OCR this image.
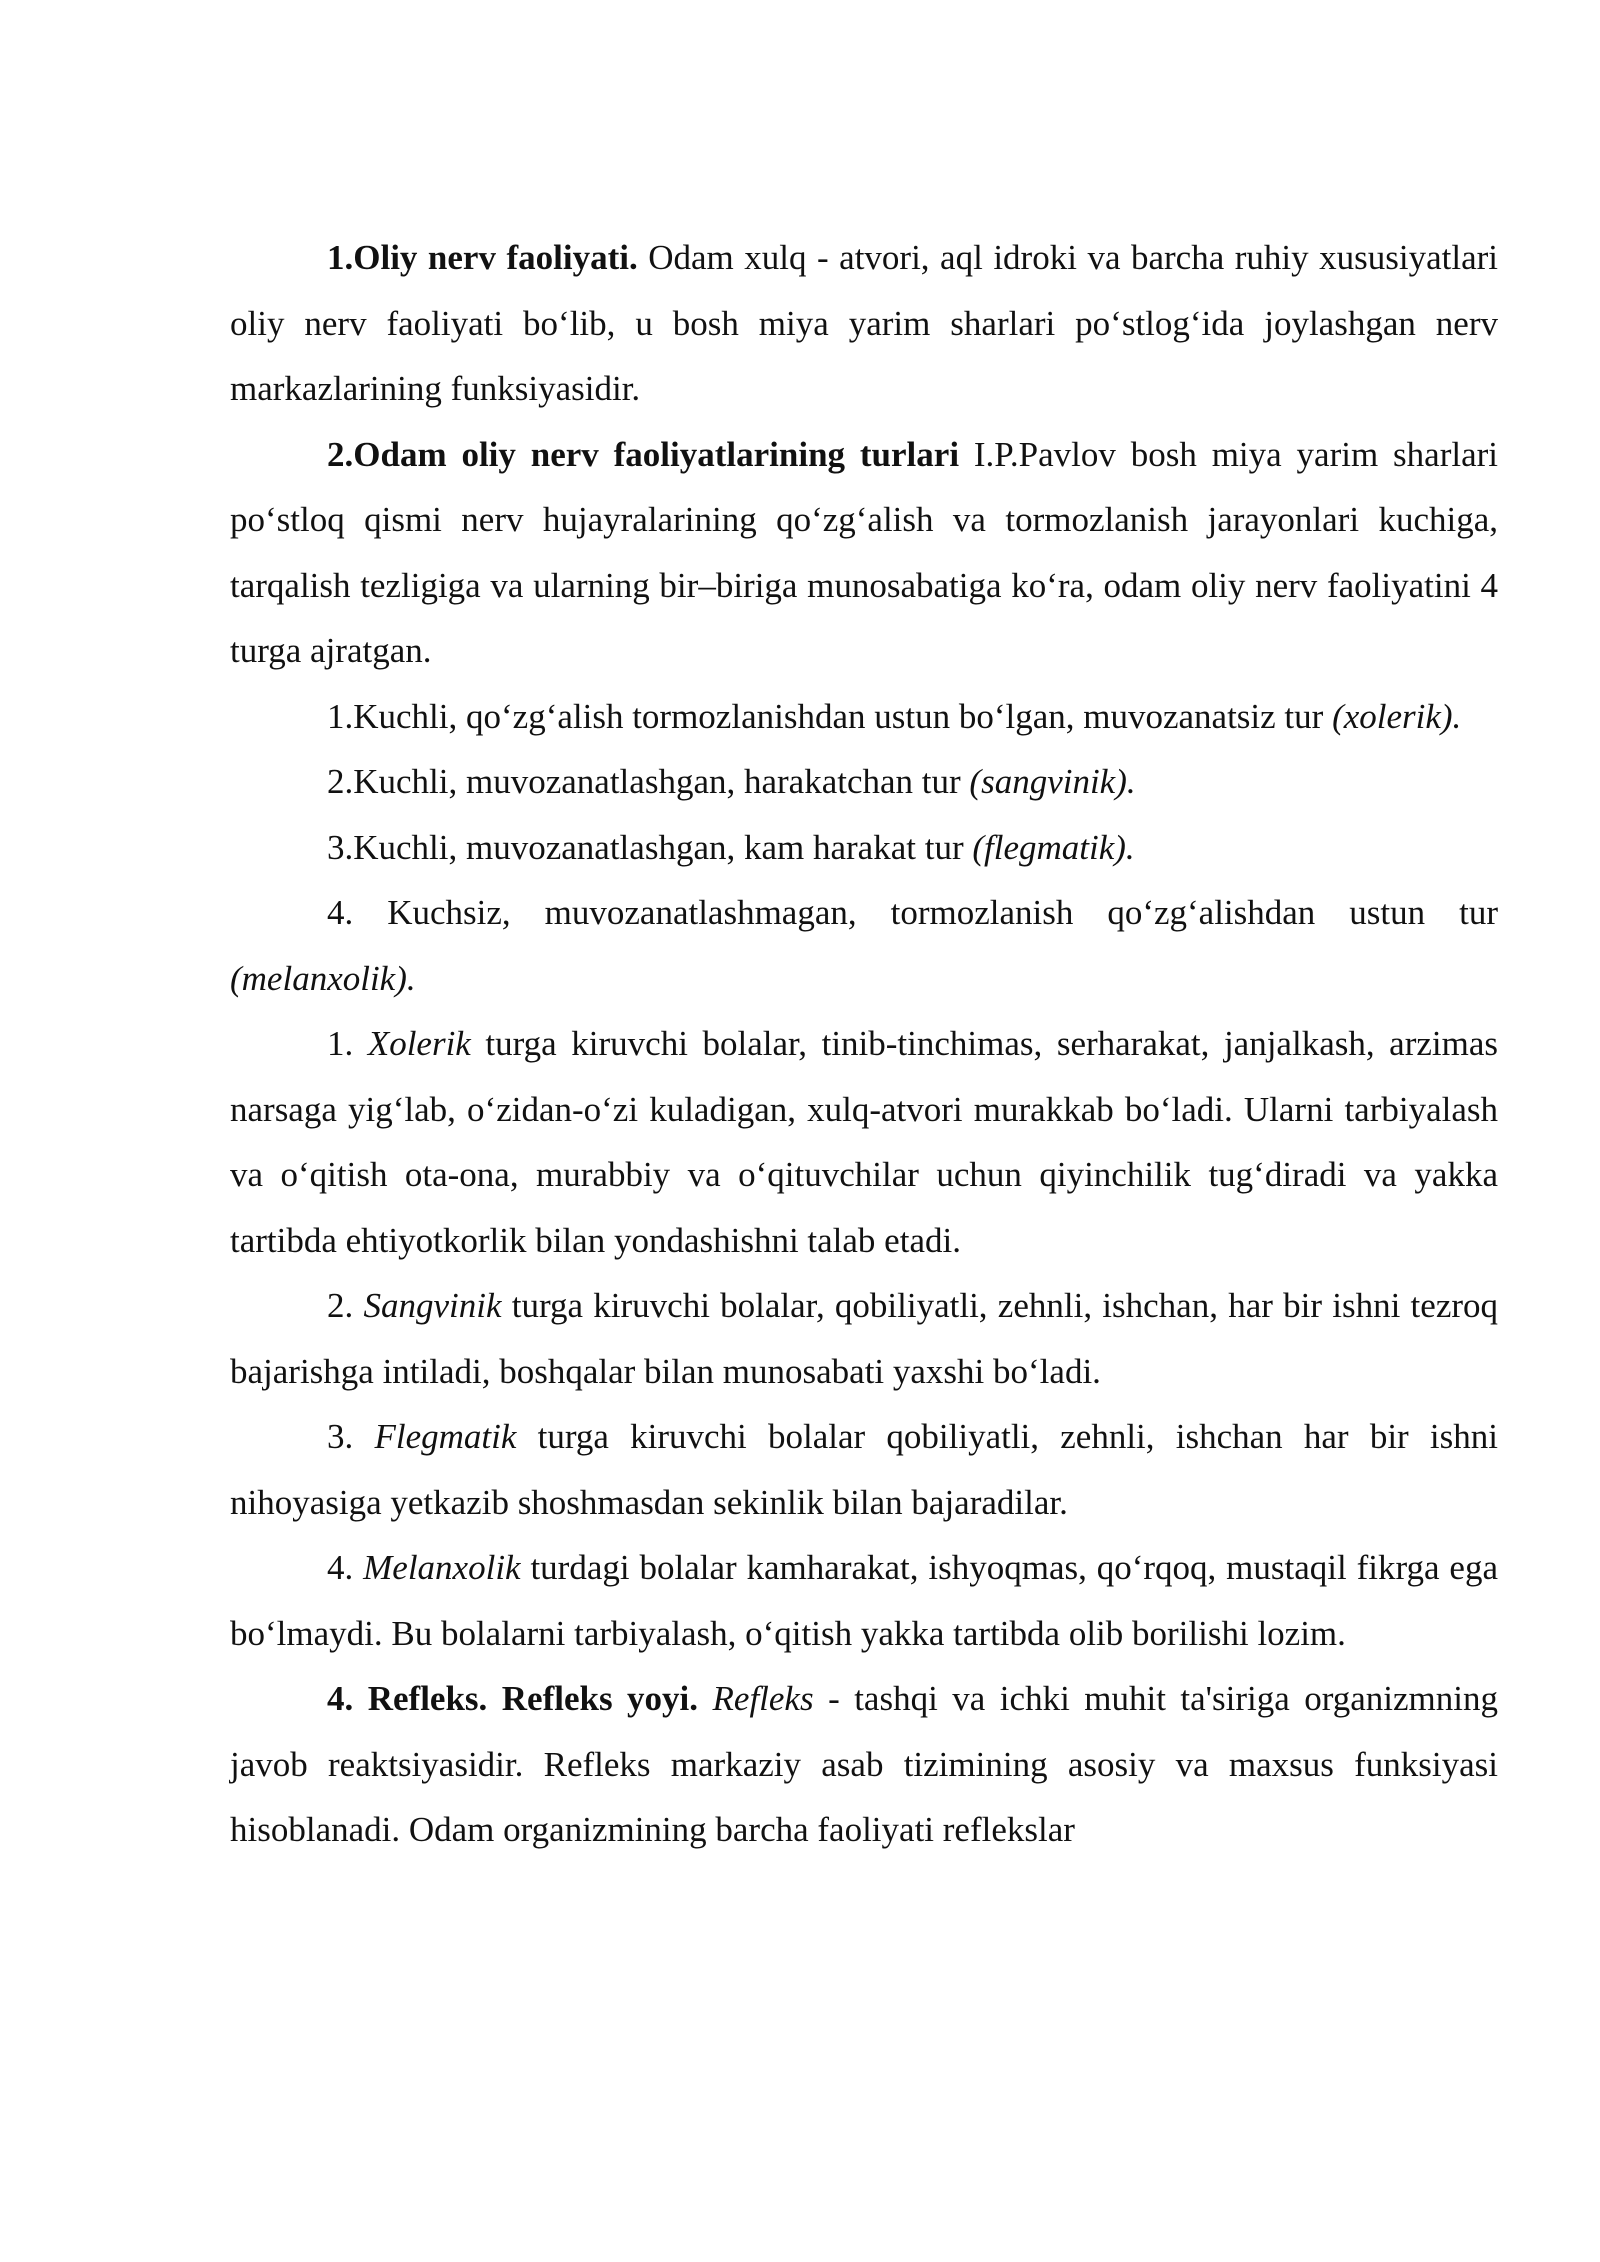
1.Oliy nerv faoliyati. Odam xulq - atvori, aql idroki va barcha ruhiy xususiyatlari oliy nerv faoliyati bo‘lib, u bosh miya yarim sharlari po‘stlog‘ida joylashgan nerv markazlarining funksiyasidir.

2.Odam oliy nerv faoliyatlarining turlari I.P.Pavlov bosh miya yarim sharlari po‘stloq qismi nerv hujayralarining qo‘zg‘alish va tormozlanish jarayonlari kuchiga, tarqalish tezligiga va ularning bir–biriga munosabatiga ko‘ra, odam oliy nerv faoliyatini 4 turga ajratgan.

1.Kuchli, qo‘zg‘alish tormozlanishdan ustun bo‘lgan, muvozanatsiz tur (xolerik).

2.Kuchli, muvozanatlashgan, harakatchan tur (sangvinik).

3.Kuchli, muvozanatlashgan, kam harakat tur (flegmatik).

4. Kuchsiz, muvozanatlashmagan, tormozlanish qo‘zg‘alishdan ustun tur (melanxolik).

1. Xolerik turga kiruvchi bolalar, tinib-tinchimas, serharakat, janjalkash, arzimas narsaga yig‘lab, o‘zidan-o‘zi kuladigan, xulq-atvori murakkab bo‘ladi. Ularni tarbiyalash va o‘qitish ota-ona, murabbiy va o‘qituvchilar uchun qiyinchilik tug‘diradi va yakka tartibda ehtiyotkorlik bilan yondashishni talab etadi.

2. Sangvinik turga kiruvchi bolalar, qobiliyatli, zehnli, ishchan, har bir ishni tezroq bajarishga intiladi, boshqalar bilan munosabati yaxshi bo‘ladi.

3. Flegmatik turga kiruvchi bolalar qobiliyatli, zehnli, ishchan har bir ishni nihoyasiga yetkazib shoshmasdan sekinlik bilan bajaradilar.

4. Melanxolik turdagi bolalar kamharakat, ishyoqmas, qo‘rqoq, mustaqil fikrga ega bo‘lmaydi. Bu bolalarni tarbiyalash, o‘qitish yakka tartibda olib borilishi lozim.

4. Refleks. Refleks yoyi. Refleks - tashqi va ichki muhit ta'siriga organizmning javob reaktsiyasidir. Refleks markaziy asab tizimining asosiy va maxsus funksiyasi hisoblanadi. Odam organizmining barcha faoliyati reflekslar
